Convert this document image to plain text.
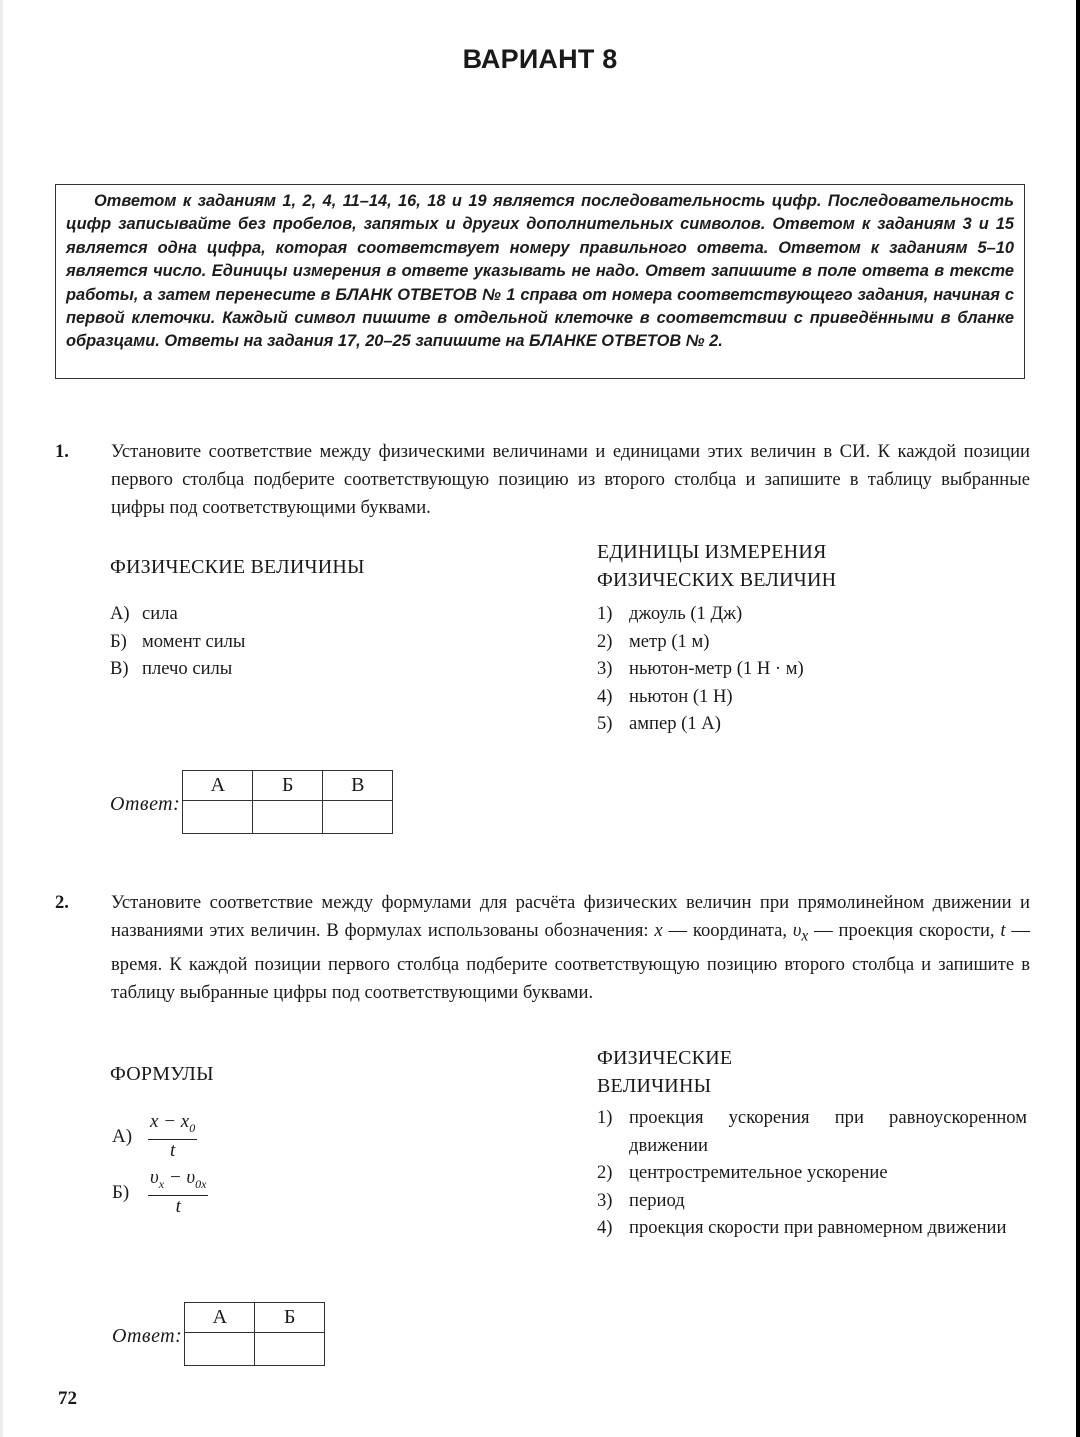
ВАРИАНТ 8

Ответом к заданиям 1, 2, 4, 11–14, 16, 18 и 19 является последовательность цифр. Последовательность цифр записывайте без пробелов, запятых и других дополнительных символов. Ответом к заданиям 3 и 15 является одна цифра, которая соответствует номеру правильного ответа. Ответом к заданиям 5–10 является число. Единицы измерения в ответе указывать не надо. Ответ запишите в поле ответа в тексте работы, а затем перенесите в БЛАНК ОТВЕТОВ № 1 справа от номера соответствующего задания, начиная с первой клеточки. Каждый символ пишите в отдельной клеточке в соответствии с приведёнными в бланке образцами. Ответы на задания 17, 20–25 запишите на БЛАНКЕ ОТВЕТОВ № 2.

1. Установите соответствие между физическими величинами и единицами этих величин в СИ. К каждой позиции первого столбца подберите соответствующую позицию из второго столбца и запишите в таблицу выбранные цифры под соответствующими буквами.

ФИЗИЧЕСКИЕ ВЕЛИЧИНЫ
ЕДИНИЦЫ ИЗМЕРЕНИЯ
ФИЗИЧЕСКИХ ВЕЛИЧИН
А) сила
Б) момент силы
В) плечо силы
1) джоуль (1 Дж)
2) метр (1 м)
3) ньютон-метр (1 Н · м)
4) ньютон (1 Н)
5) ампер (1 А)
Ответ:
А	Б	В

2. Установите соответствие между формулами для расчёта физических величин при прямолинейном движении и названиями этих величин. В формулах использованы обозначения: x — координата, $\upsilon_x$ — проекция скорости, t — время. К каждой позиции первого столбца подберите соответствующую позицию второго столбца и запишите в таблицу выбранные цифры под соответствующими буквами.

ФОРМУЛЫ
ФИЗИЧЕСКИЕ
ВЕЛИЧИНЫ
$А) \frac{x - x_0}{t}$
$Б) \frac{\upsilon_x - \upsilon_{0x}}{t}$
1) проекция ускорения при равноускоренном движении
2) центростремительное ускорение
3) период
4) проекция скорости при равномерном движении
Ответ:
А	Б

72
